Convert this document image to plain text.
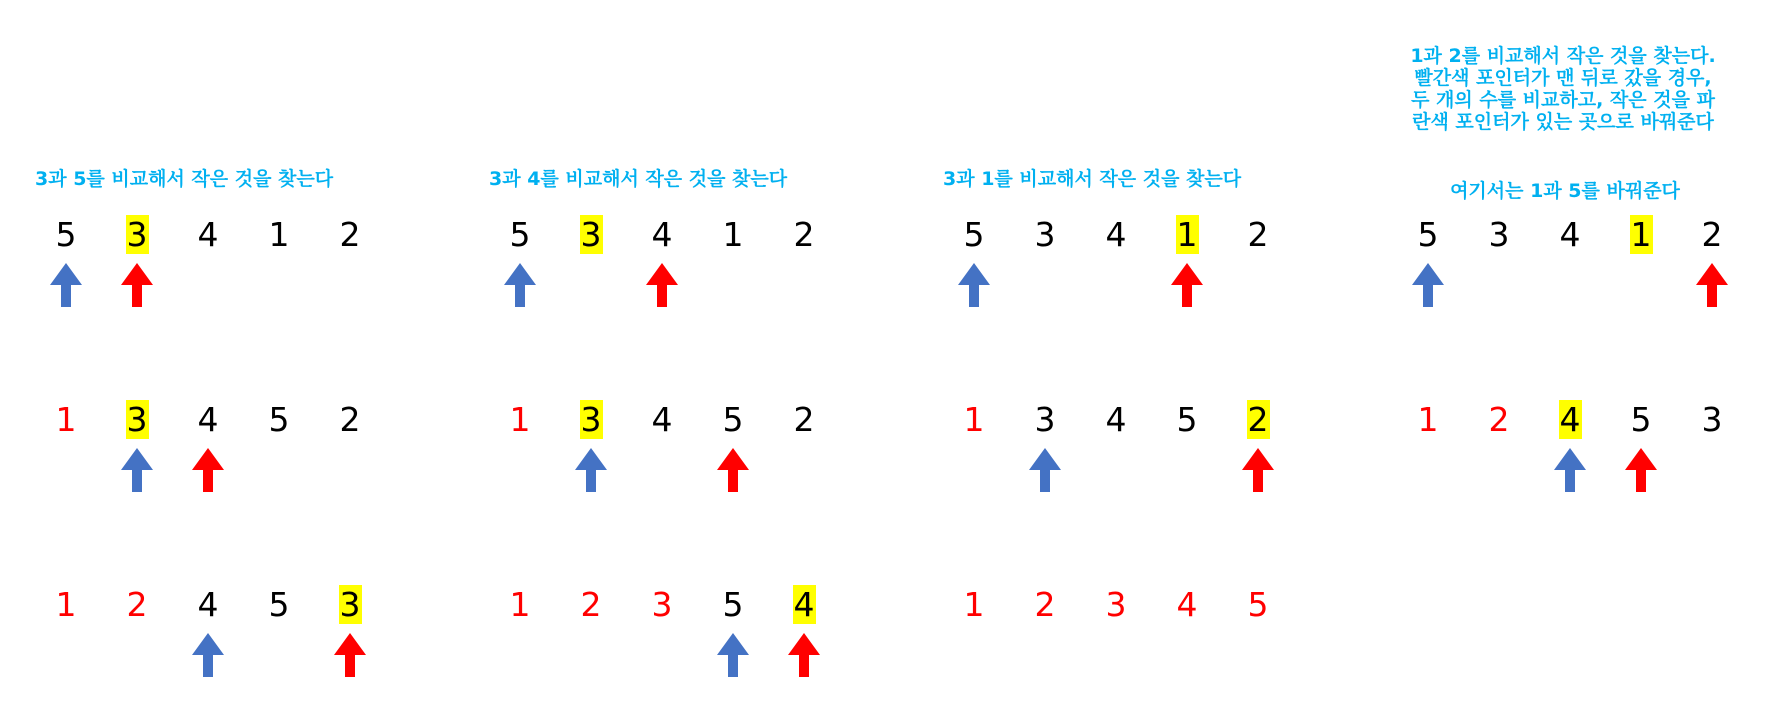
3과 5를 비교해서 작은 것을 찾는다	3과 4를 비교해서 작은 것을 찾는다	3과 1를 비교해서 작은 것을 찾는다
1과 2를 비교해서 작은 것을 찾는다.
빨간색 포인터가 맨 뒤로 갔을 경우,
두 개의 수를 비교하고, 작은 것을 파
란색 포인터가 있는 곳으로 바꿔준다
여기서는 1과 5를 바꿔준다
5 3 4 1 2
1 3 4 5 2
1 2 4 5 3
5 3 4 1 2
1 3 4 5 2
1 2 3 5 4
5 3 4 1 2
1 3 4 5 2
1 2 3 4 5
5 3 4 1 2
1 2 4 5 3
